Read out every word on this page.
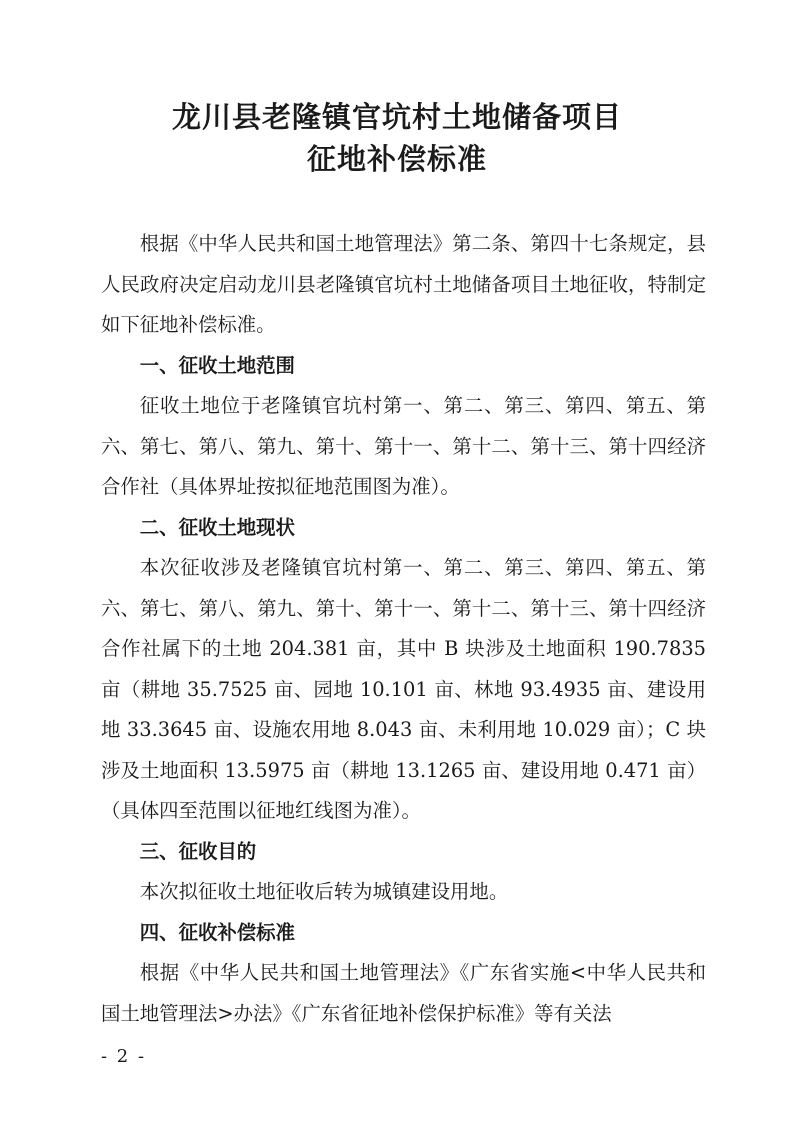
龙川县老隆镇官坑村土地储备项目
征地补偿标准

根据《中华人民共和国土地管理法》第二条、第四十七条规定，县人民政府决定启动龙川县老隆镇官坑村土地储备项目土地征收，特制定如下征地补偿标准。

一、征收土地范围

征收土地位于老隆镇官坑村第一、第二、第三、第四、第五、第六、第七、第八、第九、第十、第十一、第十二、第十三、第十四经济合作社（具体界址按拟征地范围图为准）。

二、征收土地现状

本次征收涉及老隆镇官坑村第一、第二、第三、第四、第五、第六、第七、第八、第九、第十、第十一、第十二、第十三、第十四经济合作社属下的土地 204.381 亩，其中 B 块涉及土地面积 190.7835 亩（耕地 35.7525 亩、园地 10.101 亩、林地 93.4935 亩、建设用地 33.3645 亩、设施农用地 8.043 亩、未利用地 10.029 亩）；C 块涉及土地面积 13.5975 亩（耕地 13.1265 亩、建设用地 0.471 亩）（具体四至范围以征地红线图为准）。

三、征收目的

本次拟征收土地征收后转为城镇建设用地。

四、征收补偿标准

根据《中华人民共和国土地管理法》《广东省实施<中华人民共和国土地管理法>办法》《广东省征地补偿保护标准》等有关法

- 2 -
